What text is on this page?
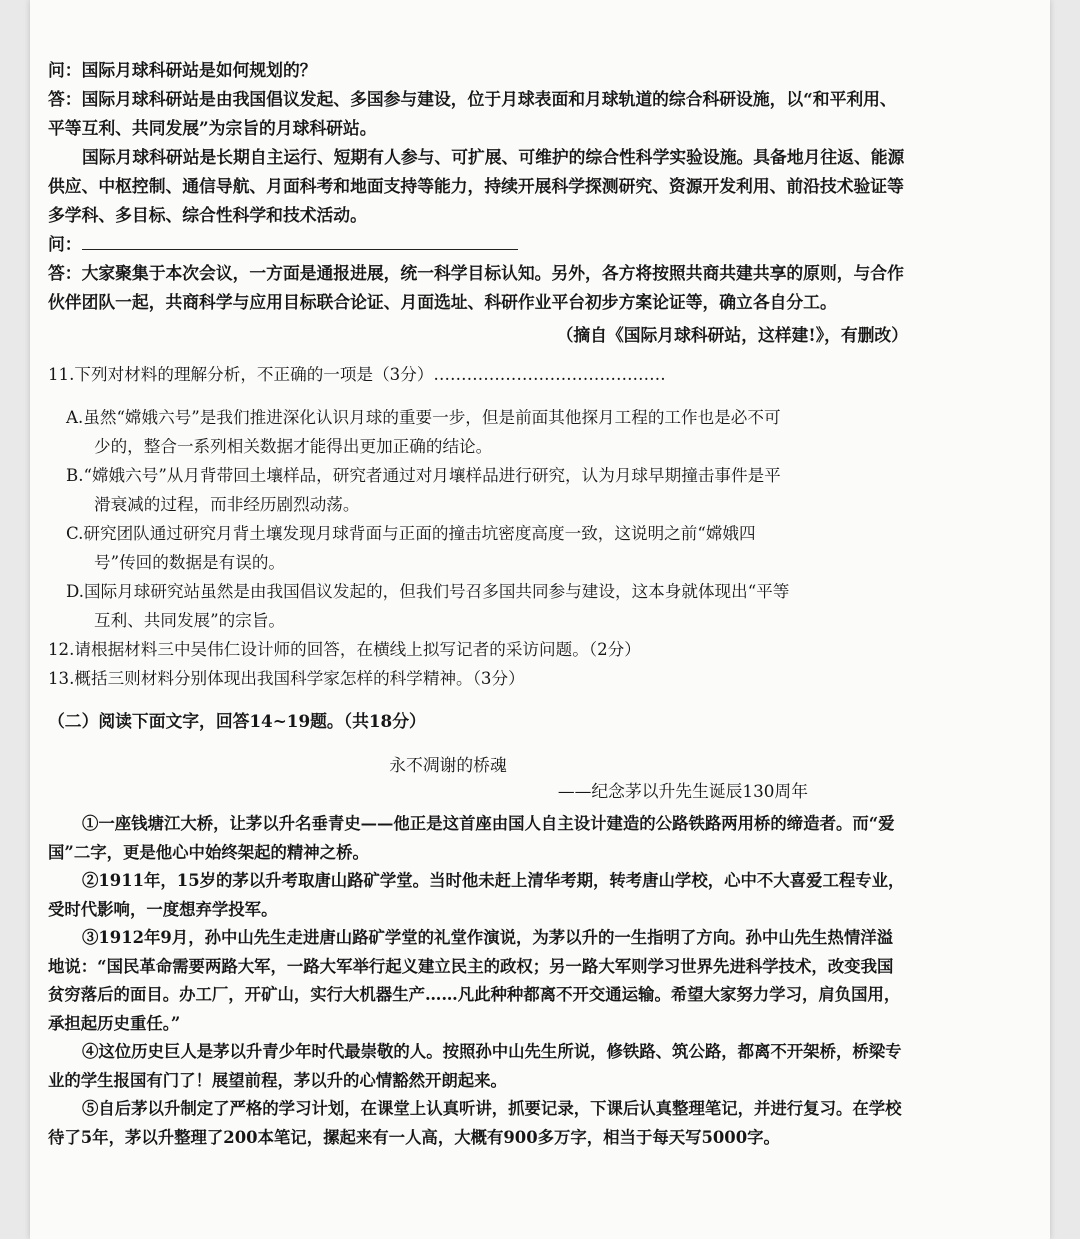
问：国际月球科研站是如何规划的？

答：国际月球科研站是由我国倡议发起、多国参与建设，位于月球表面和月球轨道的综合科研设施，以“和平利用、平等互利、共同发展”为宗旨的月球科研站。

国际月球科研站是长期自主运行、短期有人参与、可扩展、可维护的综合性科学实验设施。具备地月往返、能源供应、中枢控制、通信导航、月面科考和地面支持等能力，持续开展科学探测研究、资源开发利用、前沿技术验证等多学科、多目标、综合性科学和技术活动。

问：

答：大家聚集于本次会议，一方面是通报进展，统一科学目标认知。另外，各方将按照共商共建共享的原则，与合作伙伴团队一起，共商科学与应用目标联合论证、月面选址、科研作业平台初步方案论证等，确立各自分工。

（摘自《国际月球科研站，这样建!》，有删改）

11.下列对材料的理解分析，不正确的一项是（3分）……………………………………

A.虽然“嫦娥六号”是我们推进深化认识月球的重要一步，但是前面其他探月工程的工作也是必不可少的，整合一系列相关数据才能得出更加正确的结论。

B.“嫦娥六号”从月背带回土壤样品，研究者通过对月壤样品进行研究，认为月球早期撞击事件是平滑衰减的过程，而非经历剧烈动荡。

C.研究团队通过研究月背土壤发现月球背面与正面的撞击坑密度高度一致，这说明之前“嫦娥四号”传回的数据是有误的。

D.国际月球研究站虽然是由我国倡议发起的，但我们号召多国共同参与建设，这本身就体现出“平等互利、共同发展”的宗旨。

12.请根据材料三中吴伟仁设计师的回答，在横线上拟写记者的采访问题。（2分）

13.概括三则材料分别体现出我国科学家怎样的科学精神。（3分）

（二）阅读下面文字，回答14~19题。（共18分）

永不凋谢的桥魂

——纪念茅以升先生诞辰130周年

①一座钱塘江大桥，让茅以升名垂青史——他正是这首座由国人自主设计建造的公路铁路两用桥的缔造者。而“爱国”二字，更是他心中始终架起的精神之桥。

②1911年，15岁的茅以升考取唐山路矿学堂。当时他未赶上清华考期，转考唐山学校，心中不大喜爱工程专业，受时代影响，一度想弃学投军。

③1912年9月，孙中山先生走进唐山路矿学堂的礼堂作演说，为茅以升的一生指明了方向。孙中山先生热情洋溢地说：“国民革命需要两路大军，一路大军举行起义建立民主的政权；另一路大军则学习世界先进科学技术，改变我国贫穷落后的面目。办工厂，开矿山，实行大机器生产……凡此种种都离不开交通运输。希望大家努力学习，肩负国用，承担起历史重任。”

④这位历史巨人是茅以升青少年时代最崇敬的人。按照孙中山先生所说，修铁路、筑公路，都离不开架桥，桥梁专业的学生报国有门了！展望前程，茅以升的心情豁然开朗起来。

⑤自后茅以升制定了严格的学习计划，在课堂上认真听讲，抓要记录，下课后认真整理笔记，并进行复习。在学校待了5年，茅以升整理了200本笔记，摞起来有一人高，大概有900多万字，相当于每天写5000字。
